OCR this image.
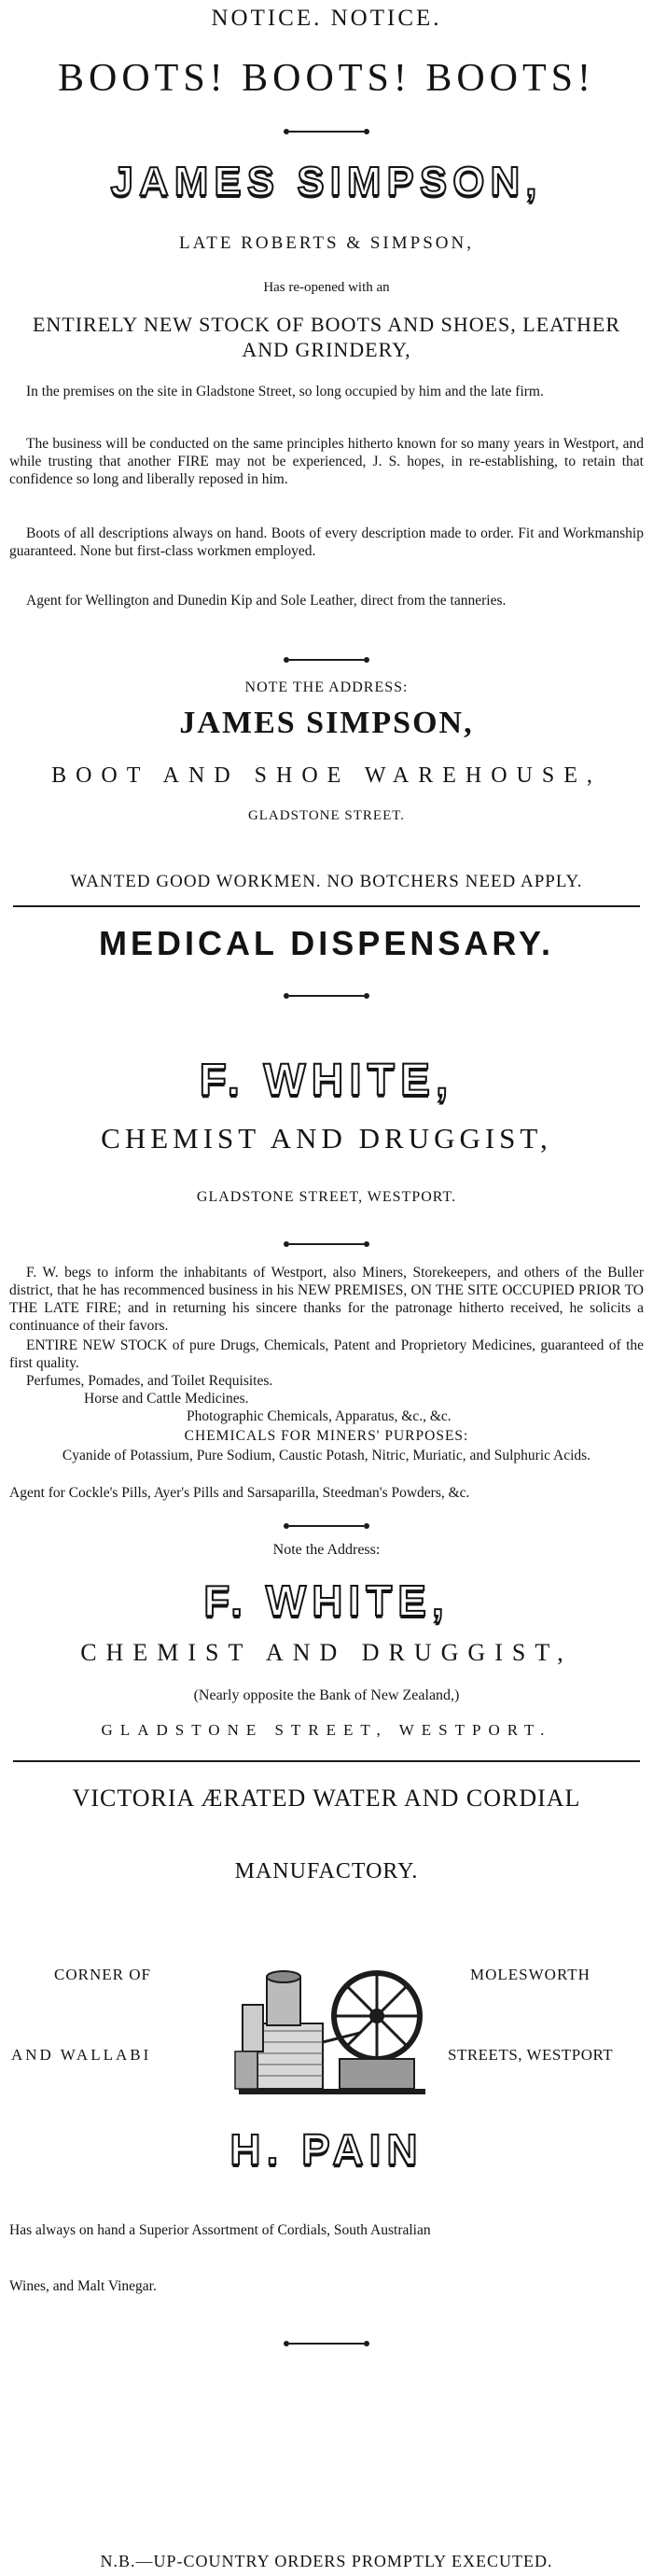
NOTICE. NOTICE.
BOOTS! BOOTS! BOOTS!
JAMES SIMPSON,
LATE ROBERTS & SIMPSON,
Has re-opened with an
ENTIRELY NEW STOCK OF BOOTS AND SHOES, LEATHER AND GRINDERY,

In the premises on the site in Gladstone Street, so long occupied by him and the late firm.

The business will be conducted on the same principles hitherto known for so many years in Westport, and while trusting that another FIRE may not be experienced, J. S. hopes, in re-establishing, to retain that confidence so long and liberally reposed in him.

Boots of all descriptions always on hand. Boots of every description made to order. Fit and Workmanship guaranteed. None but first-class workmen employed.

Agent for Wellington and Dunedin Kip and Sole Leather, direct from the tanneries.

NOTE THE ADDRESS:
JAMES SIMPSON,
BOOT AND SHOE WAREHOUSE,
GLADSTONE STREET.
WANTED GOOD WORKMEN. NO BOTCHERS NEED APPLY.
MEDICAL DISPENSARY.
F. WHITE,
CHEMIST AND DRUGGIST,
GLADSTONE STREET, WESTPORT.

F. W. begs to inform the inhabitants of Westport, also Miners, Storekeepers, and others of the Buller district, that he has recommenced business in his NEW PREMISES, ON THE SITE OCCUPIED PRIOR TO THE LATE FIRE; and in returning his sincere thanks for the patronage hitherto received, he solicits a continuance of their favors.

ENTIRE NEW STOCK of pure Drugs, Chemicals, Patent and Proprietory Medicines, guaranteed of the first quality.

Perfumes, Pomades, and Toilet Requisites.

Horse and Cattle Medicines.

Photographic Chemicals, Apparatus, &c., &c.

CHEMICALS FOR MINERS' PURPOSES:

Cyanide of Potassium, Pure Sodium, Caustic Potash, Nitric, Muriatic, and Sulphuric Acids.

Agent for Cockle's Pills, Ayer's Pills and Sarsaparilla, Steedman's Powders, &c.

Note the Address:
F. WHITE,
CHEMIST AND DRUGGIST,
(Nearly opposite the Bank of New Zealand,)
GLADSTONE STREET, WESTPORT.
VICTORIA ÆRATED WATER AND CORDIAL
MANUFACTORY.
CORNER OF	MOLESWORTH
AND WALLABI	STREETS, WESTPORT
H. PAIN

Has always on hand a Superior Assortment of Cordials, South Australian

Wines, and Malt Vinegar.

N.B.—UP-COUNTRY ORDERS PROMPTLY EXECUTED.
